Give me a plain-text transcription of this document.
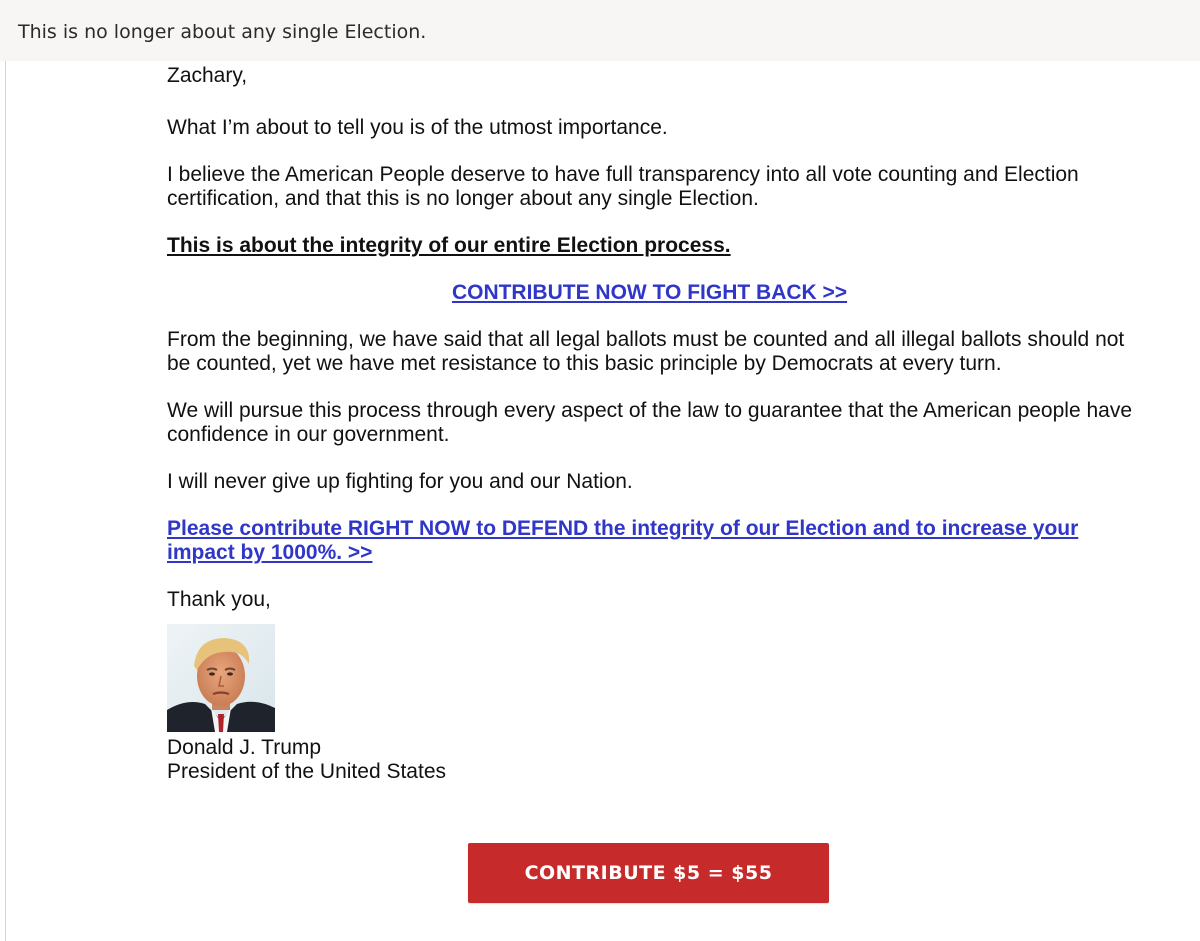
This is no longer about any single Election.

Zachary,

What I’m about to tell you is of the utmost importance.

I believe the American People deserve to have full transparency into all vote counting and Election certification, and that this is no longer about any single Election.

This is about the integrity of our entire Election process.

CONTRIBUTE NOW TO FIGHT BACK >>

From the beginning, we have said that all legal ballots must be counted and all illegal ballots should not be counted, yet we have met resistance to this basic principle by Democrats at every turn.

We will pursue this process through every aspect of the law to guarantee that the American people have confidence in our government.

I will never give up fighting for you and our Nation.

Please contribute RIGHT NOW to DEFEND the integrity of our Election and to increase your impact by 1000%. >>

Thank you,

Donald J. Trump
President of the United States
CONTRIBUTE $5 = $55
